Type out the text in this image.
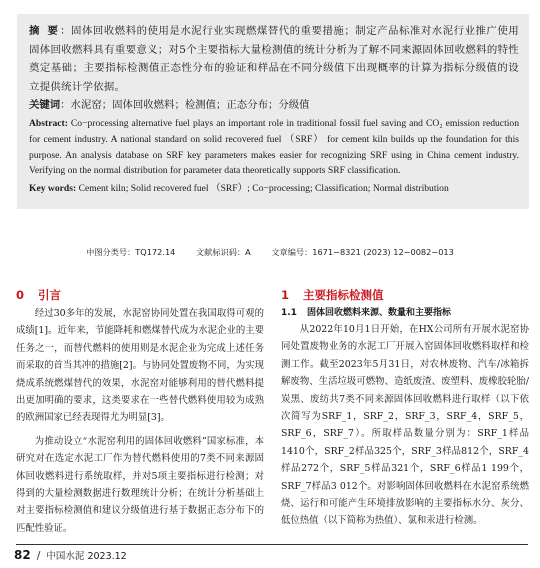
摘 要：固体回收燃料的使用是水泥行业实现燃煤替代的重要措施；制定产品标准对水泥行业推广使用固体回收燃料具有重要意义；对5个主要指标大量检测值的统计分析为了解不同来源固体回收燃料的特性奠定基础；主要指标检测值正态性分布的验证和样品在不同分级值下出现概率的计算为指标分级值的设立提供统计学依据。
关键词：水泥窑；固体回收燃料；检测值；正态分布；分级值
Abstract: Co−processing alternative fuel plays an important role in traditional fossil fuel saving and CO₂ emission reduction for cement industry. A national standard on solid recovered fuel （SRF） for cement kiln builds up the foundation for this purpose. An analysis database on SRF key parameters makes easier for recognizing SRF using in China cement industry. Verifying on the normal distribution for parameter data theoretically supports SRF classification.
Key words: Cement kiln; Solid recovered fuel （SRF）; Co−processing; Classification; Normal distribution
中图分类号：TQ172.14	文献标识码：A	文章编号：1671−8321 (2023) 12−0082−013
0 引言

经过30多年的发展，水泥窑协同处置在我国取得可观的成绩[1]。近年来，节能降耗和燃煤替代成为水泥企业的主要任务之一，而替代燃料的使用则是水泥企业为完成上述任务而采取的首当其冲的措施[2]。与协同处置废物不同，为实现烧成系统燃煤替代的效果，水泥窑对能够利用的替代燃料提出更加明确的要求，这类要求在一些替代燃料使用较为成熟的欧洲国家已经表现得尤为明显[3]。

为推动设立“水泥窑利用的固体回收燃料”国家标准，本研究对在选定水泥工厂作为替代燃料使用的7类不同来源固体回收燃料进行系统取样，并对5项主要指标进行检测；对得到的大量检测数据进行数理统计分析；在统计分析基础上对主要指标检测值和建议分级值进行基于数据正态分布下的匹配性验证。

1 主要指标检测值
1.1 固体回收燃料来源、数量和主要指标

从2022年10月1日开始，在HX公司所有开展水泥窑协同处置废物业务的水泥工厂开展入窑固体回收燃料取样和检测工作。截至2023年5月31日，对农林废物、汽车/冰箱拆解废物、生活垃圾可燃物、造纸废渣、废塑料、废橡胶轮胎/炭黑、废纺共7类不同来源固体回收燃料进行取样（以下依次简写为SRF_1，SRF_2，SRF_3，SRF_4，SRF_5，SRF_6，SRF_7）。所取样品数量分别为：SRF_1样品1410个，SRF_2样品325个，SRF_3样品812个，SRF_4样品272个，SRF_5样品321个，SRF_6样品1 199个，SRF_7样品3 012个。对影响固体回收燃料在水泥窑系统燃烧、运行和可能产生环境排放影响的主要指标水分、灰分、低位热值（以下简称为热值）、氯和汞进行检测。

82 / 中国水泥 2023.12
